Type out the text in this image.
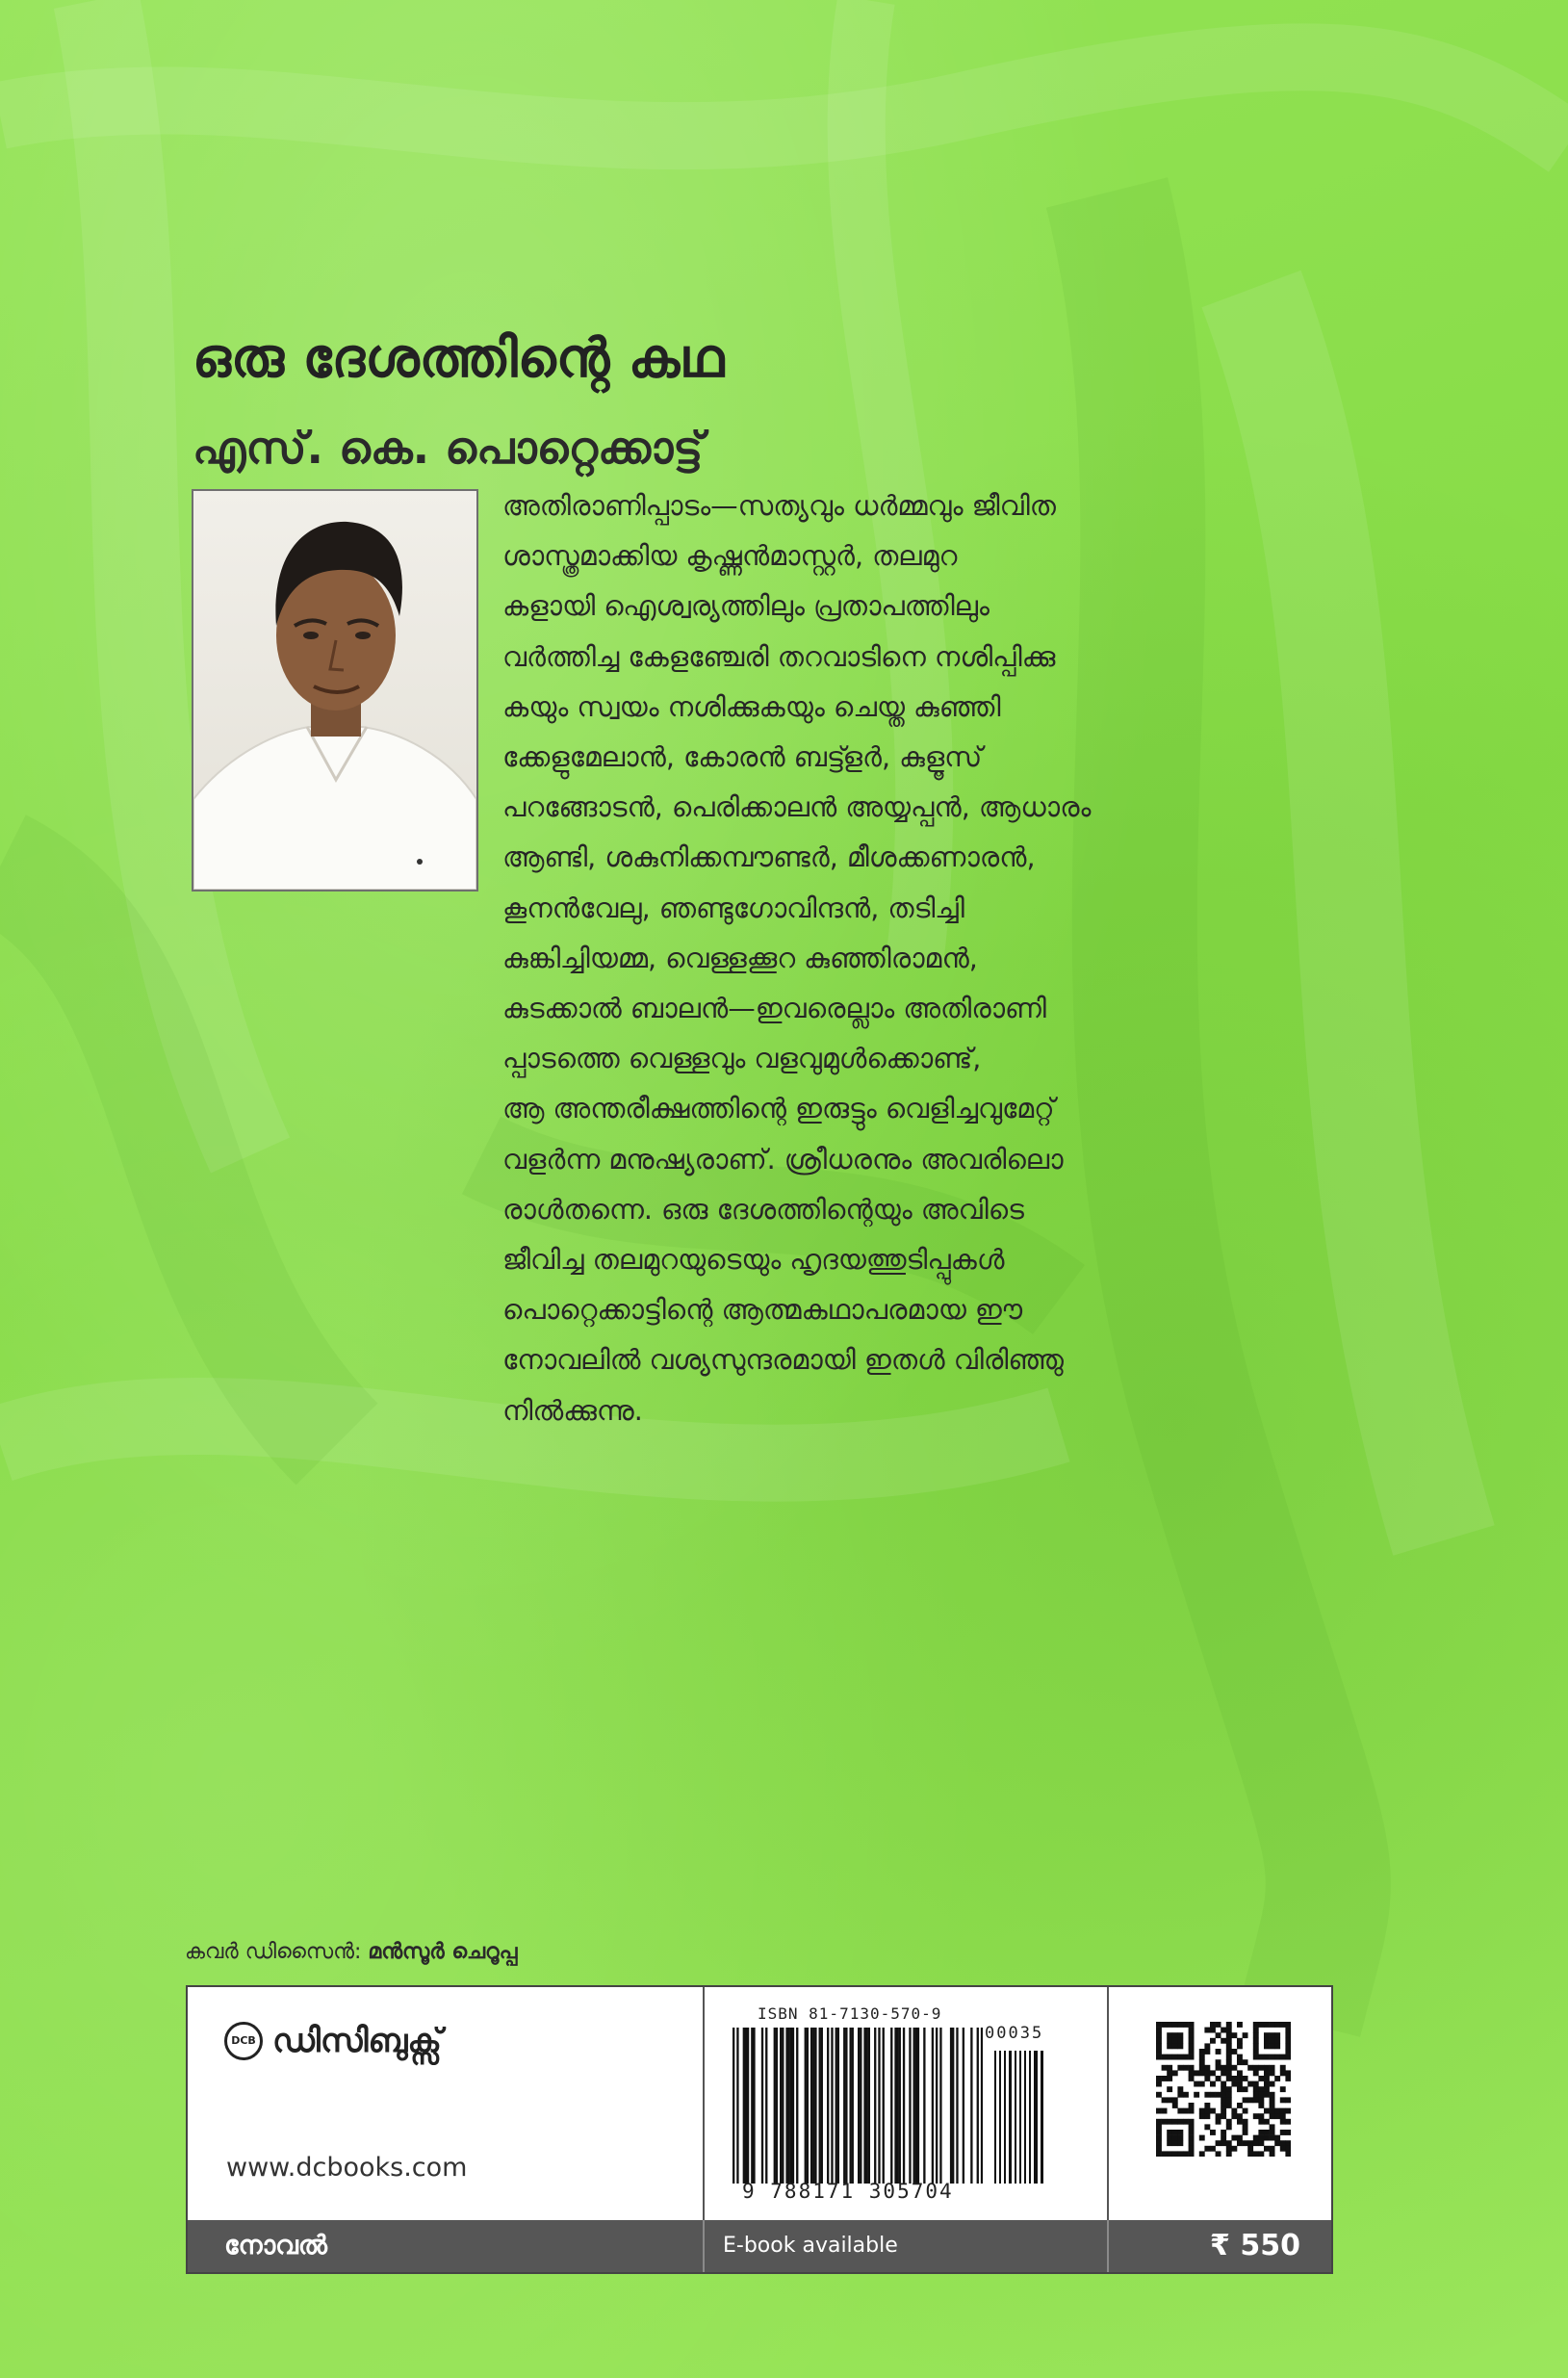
ഒരു ദേശത്തിന്റെ കഥ
എസ്. കെ. പൊറ്റെക്കാട്ട്
അതിരാണിപ്പാടം—സത്യവും ധർമ്മവും ജീവിത
ശാസ്ത്രമാക്കിയ കൃഷ്ണൻമാസ്റ്റർ, തലമുറ
കളായി ഐശ്വര്യത്തിലും പ്രതാപത്തിലും
വർത്തിച്ച കേളഞ്ചേരി തറവാടിനെ നശിപ്പിക്കു
കയും സ്വയം നശിക്കുകയും ചെയ്ത കുഞ്ഞി
ക്കേളുമേലാൻ, കോരൻ ബട്ട്ളർ, കുളൂസ്
പറങ്ങോടൻ, പെരിക്കാലൻ അയ്യപ്പൻ, ആധാരം
ആണ്ടി, ശകുനിക്കമ്പൗണ്ടർ, മീശക്കണാരൻ,
കൂനൻവേലു, ഞണ്ടുഗോവിന്ദൻ, തടിച്ചി
കുങ്കിച്ചിയമ്മ, വെള്ളക്കൂറ കുഞ്ഞിരാമൻ,
കുടക്കാൽ ബാലൻ—ഇവരെല്ലാം അതിരാണി
പ്പാടത്തെ വെള്ളവും വളവുമുൾക്കൊണ്ട്,
ആ അന്തരീക്ഷത്തിന്റെ ഇരുട്ടും വെളിച്ചവുമേറ്റ്
വളർന്ന മനുഷ്യരാണ്. ശ്രീധരനും അവരിലൊ
രാൾതന്നെ. ഒരു ദേശത്തിന്റെയും അവിടെ
ജീവിച്ച തലമുറയുടെയും ഹൃദയത്തുടിപ്പുകൾ
പൊറ്റെക്കാട്ടിന്റെ ആത്മകഥാപരമായ ഈ
നോവലിൽ വശ്യസുന്ദരമായി ഇതൾ വിരിഞ്ഞു
നിൽക്കുന്നു.
കവർ ഡിസൈൻ: മൻസൂർ ചെറൂപ്പ
DCB ഡിസിബുക്സ്
www.dcbooks.com
ISBN 81-7130-570-9
00035
9 788171 305704
നോവൽ	E-book available	₹ 550
